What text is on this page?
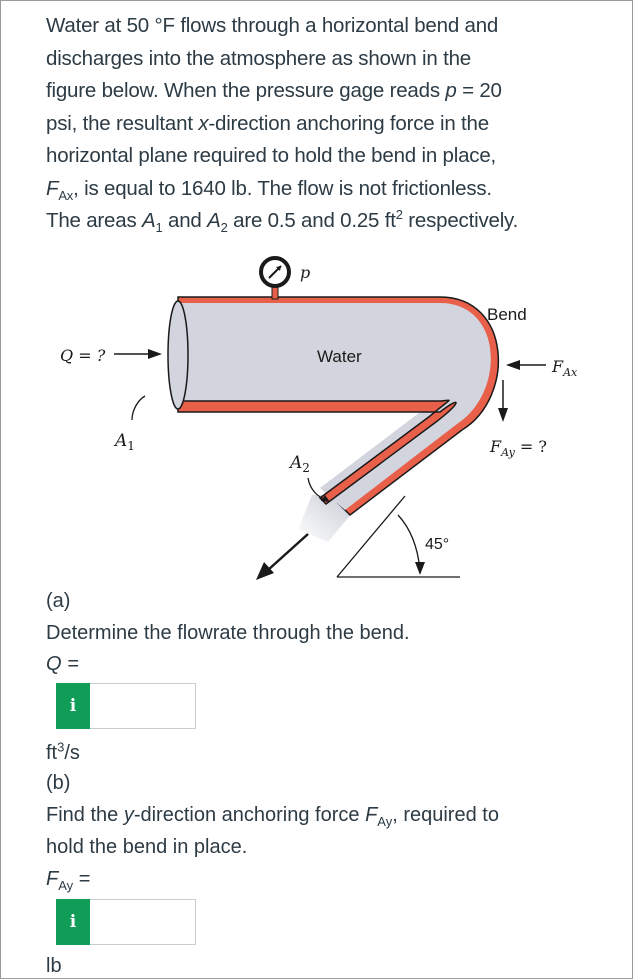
Water at 50 °F flows through a horizontal bend and
discharges into the atmosphere as shown in the
figure below. When the pressure gage reads p = 20
psi, the resultant x-direction anchoring force in the
horizontal plane required to hold the bend in place,
$F_{Ax}$, is equal to 1640 lb. The flow is not frictionless.
The areas $A_1$ and $A_2$ are 0.5 and 0.25 $ft^2$ respectively.
p
Bend
Water
Q = ?
$A_1$
$A_2$
$F_{Ax}$
$F_{Ay}$ = ?
45°
(a)
Determine the flowrate through the bend.
Q =
i
$ft^3/s$
(b)
Find the y-direction anchoring force $F_{Ay}$, required to
hold the bend in place.
$F_{Ay}$ =
i
lb
